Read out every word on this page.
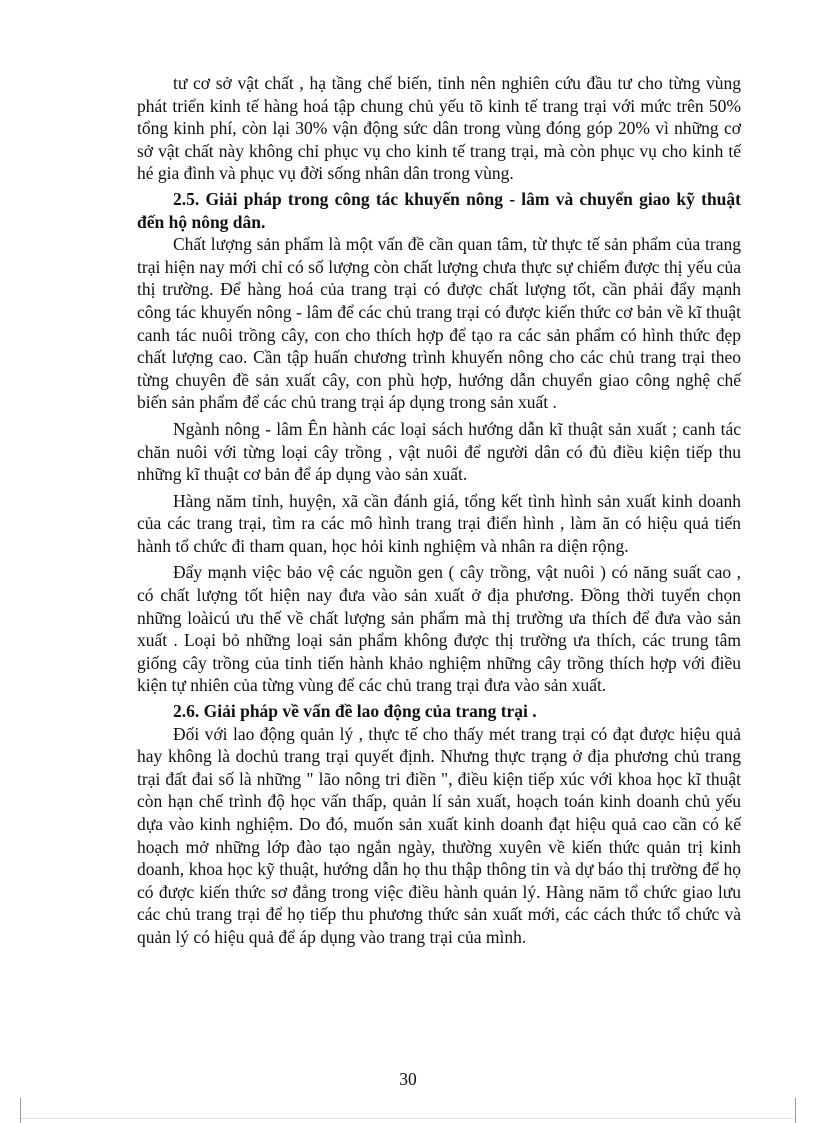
tư cơ sở vật chất , hạ tầng chế biến, tỉnh nên nghiên cứu đầu tư cho từng vùng phát triển kinh tế hàng hoá tập chung chủ yếu tõ kinh tế trang trại với mức trên 50% tổng kinh phí, còn lại 30% vận động sức dân trong vùng đóng góp 20% vì những cơ sở vật chất này không chỉ phục vụ cho kinh tế trang trại, mà còn phục vụ cho kinh tế hé gia đình và phục vụ đời sống nhân dân trong vùng.

2.5. Giải pháp trong công tác khuyến nông - lâm và chuyển giao kỹ thuật đến hộ nông dân.

Chất lượng sản phẩm là một vấn đề cần quan tâm, từ thực tế sản phẩm của trang trại hiện nay mới chỉ có số lượng còn chất lượng chưa thực sự chiếm được thị yếu của thị trường. Để hàng hoá của trang trại có được chất lượng tốt, cần phải đẩy mạnh công tác khuyến nông - lâm để các chủ trang trại có được kiến thức cơ bản về kĩ thuật canh tác nuôi trồng cây, con cho thích hợp để tạo ra các sản phẩm có hình thức đẹp chất lượng cao. Cần tập huấn chương trình khuyến nông cho các chủ trang trại theo từng chuyên đề sản xuất cây, con phù hợp, hướng dẫn chuyển giao công nghệ chế biến sản phẩm để các chủ trang trại áp dụng trong sản xuất .

Ngành nông - lâm Ên hành các loại sách hướng dẫn kĩ thuật sản xuất ; canh tác chăn nuôi với từng loại cây trồng , vật nuôi để người dân có đủ điều kiện tiếp thu những kĩ thuật cơ bản để áp dụng vào sản xuất.

Hàng năm tỉnh, huyện, xã cần đánh giá, tổng kết tình hình sản xuất kinh doanh của các trang trại, tìm ra các mô hình trang trại điển hình , làm ăn có hiệu quả tiến hành tổ chức đi tham quan, học hỏi kinh nghiệm và nhân ra diện rộng.

Đẩy mạnh việc bảo vệ các nguồn gen ( cây trồng, vật nuôi ) có năng suất cao , có chất lượng tốt hiện nay đưa vào sản xuất ở địa phương. Đồng thời tuyển chọn những loàicú ưu thế về chất lượng sản phẩm mà thị trường ưa thích để đưa vào sản xuất . Loại bỏ những loại sản phẩm không được thị trường ưa thích, các trung tâm giống cây trồng của tỉnh tiến hành khảo nghiệm những cây trồng thích hợp với điều kiện tự nhiên của từng vùng để các chủ trang trại đưa vào sản xuất.

2.6. Giải pháp về vấn đề lao động của trang trại .

Đối với lao động quản lý , thực tế cho thấy mét trang trại có đạt được hiệu quả hay không là dochủ trang trại quyết định. Nhưng thực trạng ở địa phương chủ trang trại đất đai số là những " lão nông tri điền ", điều kiện tiếp xúc với khoa học kĩ thuật còn hạn chế trình độ học vấn thấp, quản lí sản xuất, hoạch toán kinh doanh chủ yếu dựa vào kinh nghiệm. Do đó, muốn sản xuất kinh doanh đạt hiệu quả cao cần có kế hoạch mở những lớp đào tạo ngắn ngày, thường xuyên về kiến thức quản trị kinh doanh, khoa học kỹ thuật, hướng dẫn họ thu thập thông tin và dự báo thị trường để họ có được kiến thức sơ đẳng trong việc điều hành quản lý. Hàng năm tổ chức giao lưu các chủ trang trại để họ tiếp thu phương thức sản xuất mới, các cách thức tổ chức và quản lý có hiệu quả để áp dụng vào trang trại của mình.

30
